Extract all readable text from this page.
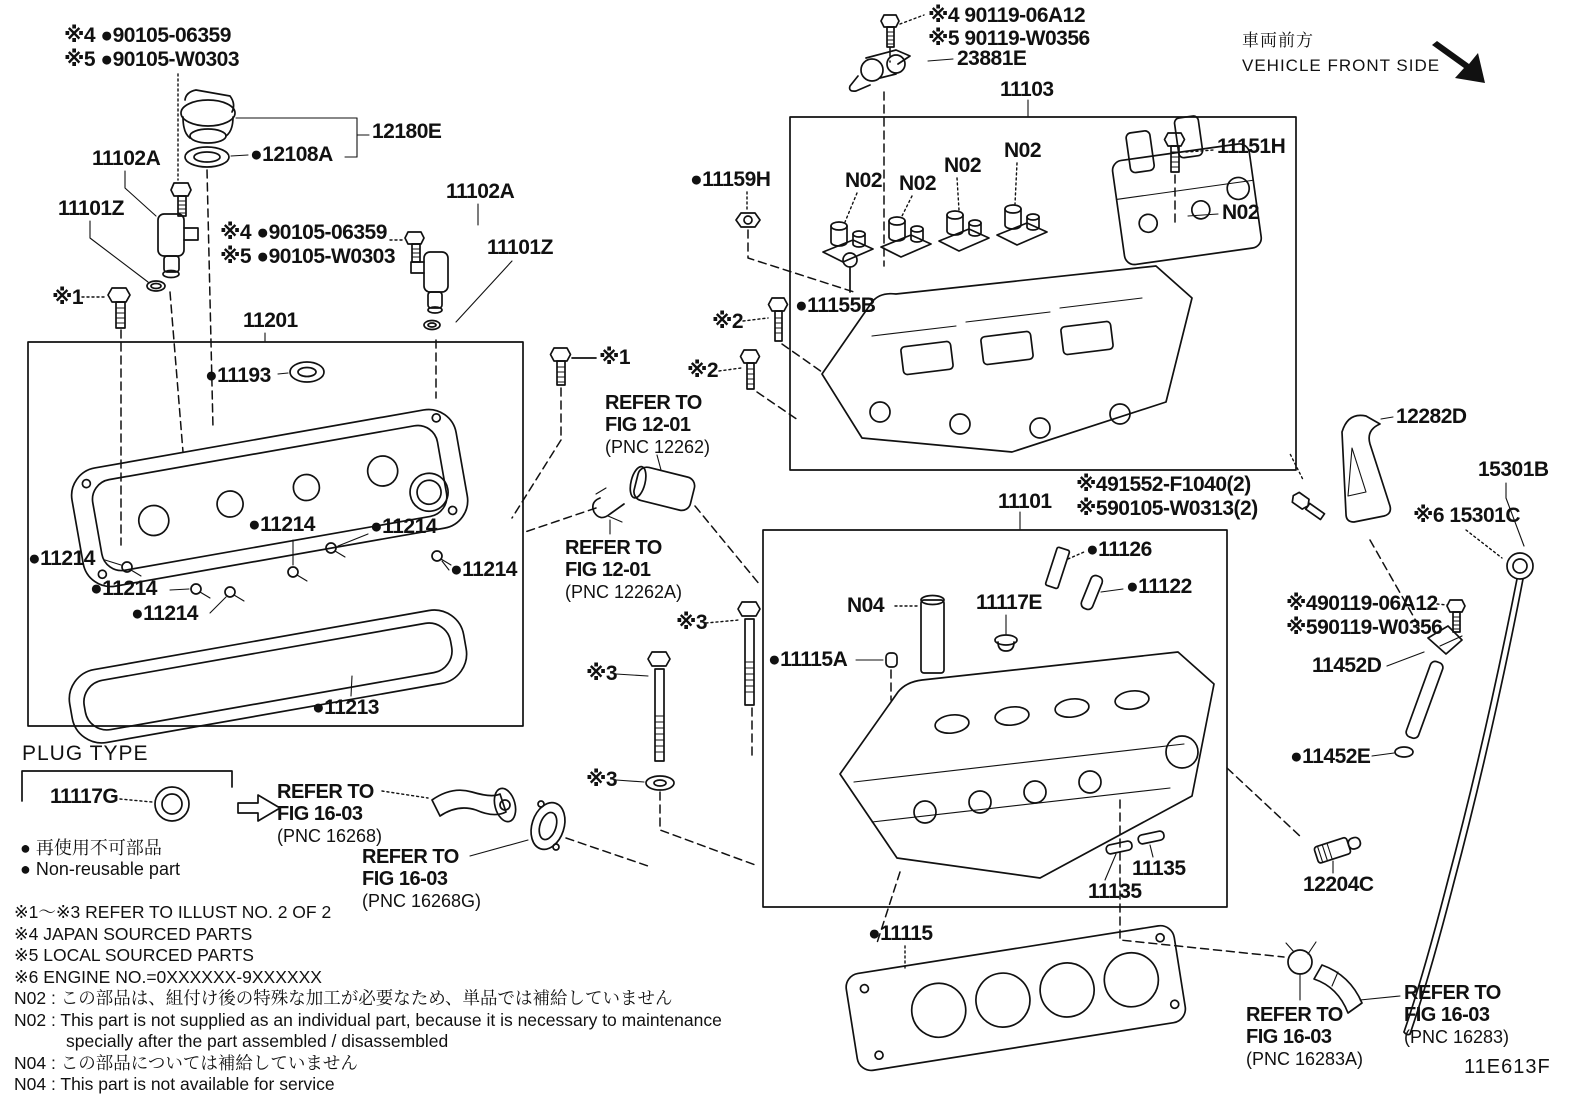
※4 ●90105-06359
※5 ●90105-W0303
12180E
●12108A
11102A
11101Z
※4 ●90105-06359
※5 ●90105-W0303
11102A
11101Z
※1
11201
●11193
※1
※4 90119-06A12
※5 90119-W0356
23881E
11103
11151H
●11159H	N02 N02
N02
N02
N02
※2
※2
●11155B
11101
※491552-F1040(2)
※590105-W0313(2)
12282D
15301B
※6 15301C
●11126
●11122
N04	11117E
●11115A
※490119-06A12
※590119-W0356
11452D
●11452E
※3
※3
※3
●11214	●11214
●11214
●11214
●11214
●11214
●11213
11135
11135	12204C
●11115
11117G
REFER TO
FIG 12-01
(PNC 12262)
REFER TO
FIG 12-01
(PNC 12262A)
REFER TO
FIG 16-03
(PNC 16268)
REFER TO
FIG 16-03
(PNC 16268G)
REFER TO
FIG 16-03
(PNC 16283A)
REFER TO
FIG 16-03
(PNC 16283)
車両前方
VEHICLE FRONT SIDE
PLUG TYPE
● 再使用不可部品
● Non-reusable part
※1～※3 REFER TO ILLUST NO. 2 OF 2
※4 JAPAN SOURCED PARTS
※5 LOCAL SOURCED PARTS
※6 ENGINE NO.=0XXXXXX-9XXXXXX
N02 : この部品は、組付け後の特殊な加工が必要なため、単品では補給していません
N02 : This part is not supplied as an individual part, because it is necessary to maintenance
specially after the part assembled / disassembled
N04 : この部品については補給していません
N04 : This part is not available for service
11E613F
